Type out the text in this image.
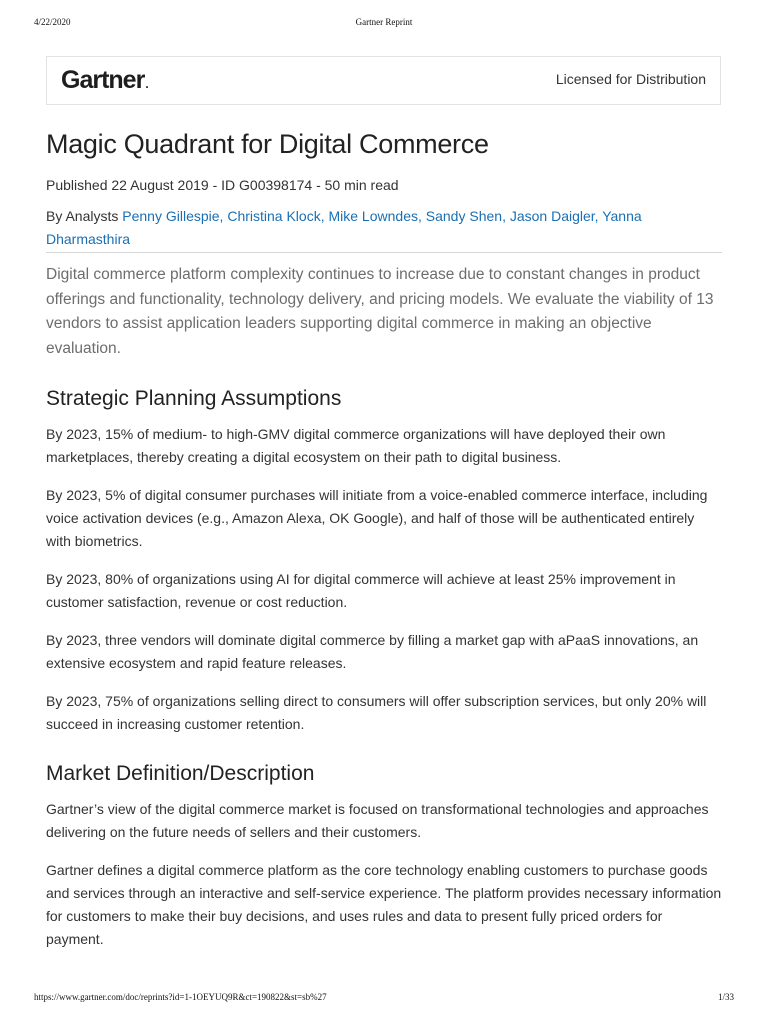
4/22/2020	Gartner Reprint
Gartner.	Licensed for Distribution
Magic Quadrant for Digital Commerce
Published 22 August 2019 - ID G00398174 - 50 min read
By Analysts Penny Gillespie, Christina Klock, Mike Lowndes, Sandy Shen, Jason Daigler, Yanna Dharmasthira
Digital commerce platform complexity continues to increase due to constant changes in product offerings and functionality, technology delivery, and pricing models. We evaluate the viability of 13 vendors to assist application leaders supporting digital commerce in making an objective evaluation.
Strategic Planning Assumptions

By 2023, 15% of medium- to high-GMV digital commerce organizations will have deployed their own marketplaces, thereby creating a digital ecosystem on their path to digital business.

By 2023, 5% of digital consumer purchases will initiate from a voice-enabled commerce interface, including voice activation devices (e.g., Amazon Alexa, OK Google), and half of those will be authenticated entirely with biometrics.

By 2023, 80% of organizations using AI for digital commerce will achieve at least 25% improvement in customer satisfaction, revenue or cost reduction.

By 2023, three vendors will dominate digital commerce by filling a market gap with aPaaS innovations, an extensive ecosystem and rapid feature releases.

By 2023, 75% of organizations selling direct to consumers will offer subscription services, but only 20% will succeed in increasing customer retention.

Market Definition/Description

Gartner’s view of the digital commerce market is focused on transformational technologies and approaches delivering on the future needs of sellers and their customers.

Gartner defines a digital commerce platform as the core technology enabling customers to purchase goods and services through an interactive and self-service experience. The platform provides necessary information for customers to make their buy decisions, and uses rules and data to present fully priced orders for payment.

https://www.gartner.com/doc/reprints?id=1-1OEYUQ9R&ct=190822&st=sb%27	1/33
